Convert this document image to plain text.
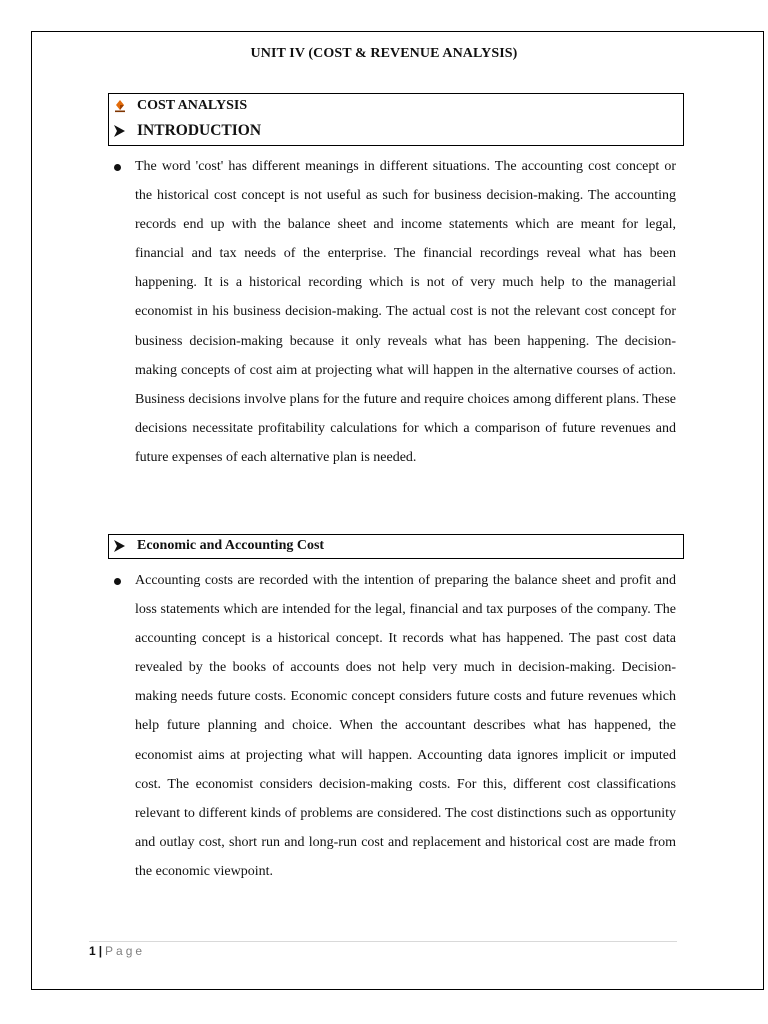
UNIT IV (COST & REVENUE ANALYSIS)
COST ANALYSIS
INTRODUCTION
The word 'cost' has different meanings in different situations. The accounting cost concept or the historical cost concept is not useful as such for business decision-making. The accounting records end up with the balance sheet and income statements which are meant for legal, financial and tax needs of the enterprise. The financial recordings reveal what has been happening. It is a historical recording which is not of very much help to the managerial economist in his business decision-making. The actual cost is not the relevant cost concept for business decision-making because it only reveals what has been happening. The decision-making concepts of cost aim at projecting what will happen in the alternative courses of action. Business decisions involve plans for the future and require choices among different plans. These decisions necessitate profitability calculations for which a comparison of future revenues and future expenses of each alternative plan is needed.
Economic and Accounting Cost
Accounting costs are recorded with the intention of preparing the balance sheet and profit and loss statements which are intended for the legal, financial and tax purposes of the company. The accounting concept is a historical concept. It records what has happened. The past cost data revealed by the books of accounts does not help very much in decision-making. Decision-making needs future costs. Economic concept considers future costs and future revenues which help future planning and choice. When the accountant describes what has happened, the economist aims at projecting what will happen. Accounting data ignores implicit or imputed cost. The economist considers decision-making costs. For this, different cost classifications relevant to different kinds of problems are considered. The cost distinctions such as opportunity and outlay cost, short run and long-run cost and replacement and historical cost are made from the economic viewpoint.
1 | Page
